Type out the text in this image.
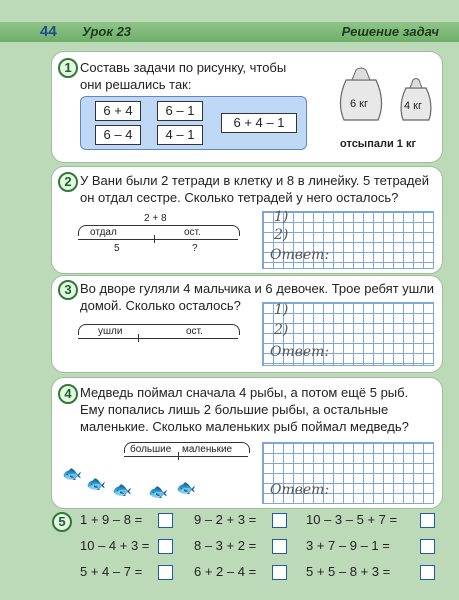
44 Урок 23	Решение задач
1 Составь задачи по рисунку, чтобы
они решались так:
6 + 4	6 – 1
6 – 4	4 – 1
6 + 4 – 1
6 кг	4 кг
отсыпали 1 кг
2 У Вани были 2 тетради в клетку и 8 в линейку. 5 тетрадей
он отдал сестре. Сколько тетрадей у него осталось?
2 + 8
отдал	ост.
5	?
1)
2)
Ответ:
3 Во дворе гуляли 4 мальчика и 6 девочек. Трое ребят ушли
домой. Сколько осталось?
ушли	ост.
1)
2)
Ответ:
4 Медведь поймал сначала 4 рыбы, а потом ещё 5 рыб.
Ему попались лишь 2 большие рыбы, а остальные
маленькие. Сколько маленьких рыб поймал медведь?
большие маленькие
🐟
🐟 🐟 🐟 🐟	Ответ:
5	1 + 9 – 8 =	9 – 2 + 3 =	10 – 3 – 5 + 7 =
10 – 4 + 3 =	8 – 3 + 2 =	3 + 7 – 9 – 1 =
5 + 4 – 7 =	6 + 2 – 4 =	5 + 5 – 8 + 3 =
